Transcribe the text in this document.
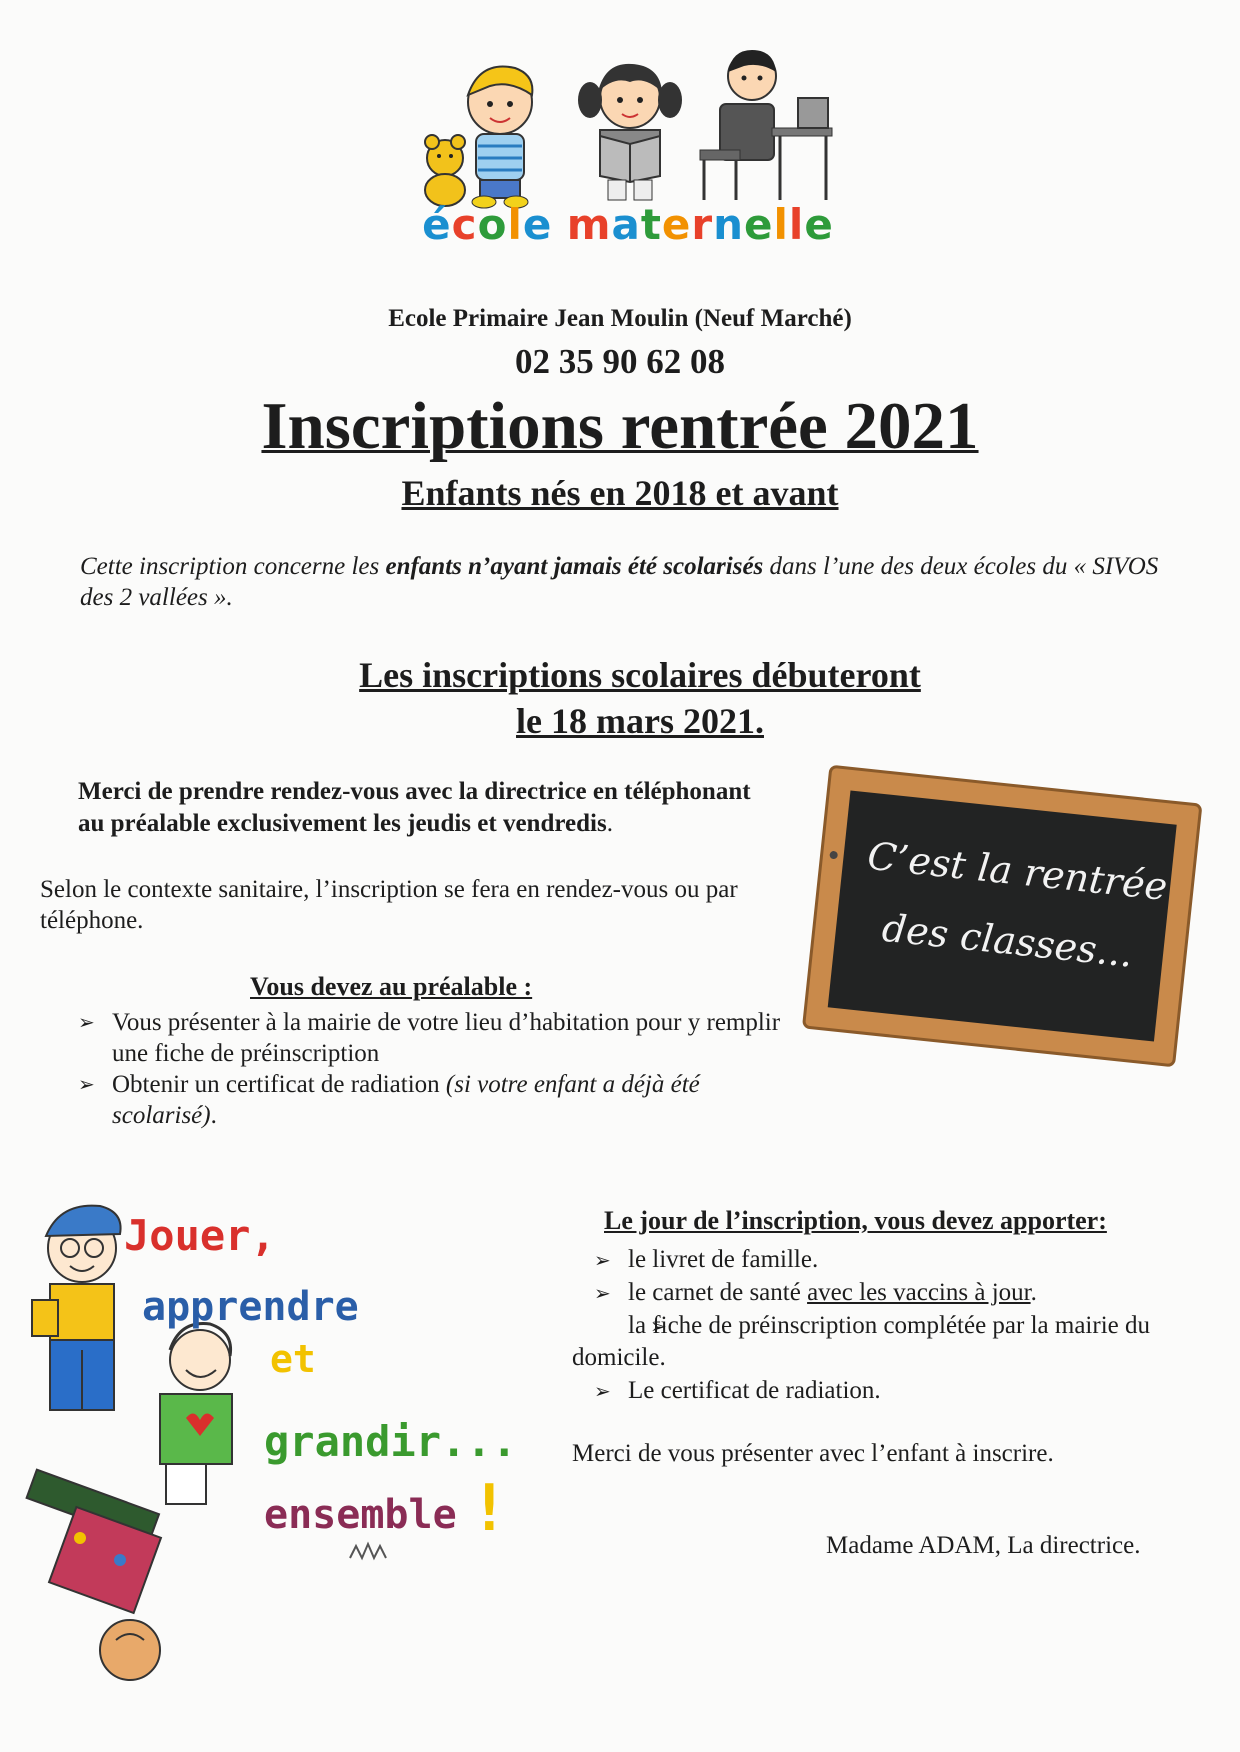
école maternelle
Ecole Primaire Jean Moulin (Neuf Marché)
02 35 90 62 08
Inscriptions rentrée 2021
Enfants nés en 2018 et avant
Cette inscription concerne les enfants n’ayant jamais été scolarisés dans l’une des deux écoles du « SIVOS des 2 vallées ».
Les inscriptions scolaires débuteront
le 18 mars 2021.
Merci de prendre rendez-vous avec la directrice en téléphonant au préalable exclusivement les jeudis et vendredis.
Selon le contexte sanitaire, l’inscription se fera en rendez-vous ou par téléphone.
Vous devez au préalable :
➢ Vous présenter à la mairie de votre lieu d’habitation pour y remplir une fiche de préinscription
➢ Obtenir un certificat de radiation (si votre enfant a déjà été scolarisé).
C’est la rentrée
des classes...
Jouer,
apprendre
et
grandir...
ensemble !
Le jour de l’inscription, vous devez apporter:
➢ le livret de famille.
➢ le carnet de santé avec les vaccins à jour.
➢ la fiche de préinscription complétée par la mairie du domicile.
➢ Le certificat de radiation.
Merci de vous présenter avec l’enfant à inscrire.
Madame ADAM, La directrice.
